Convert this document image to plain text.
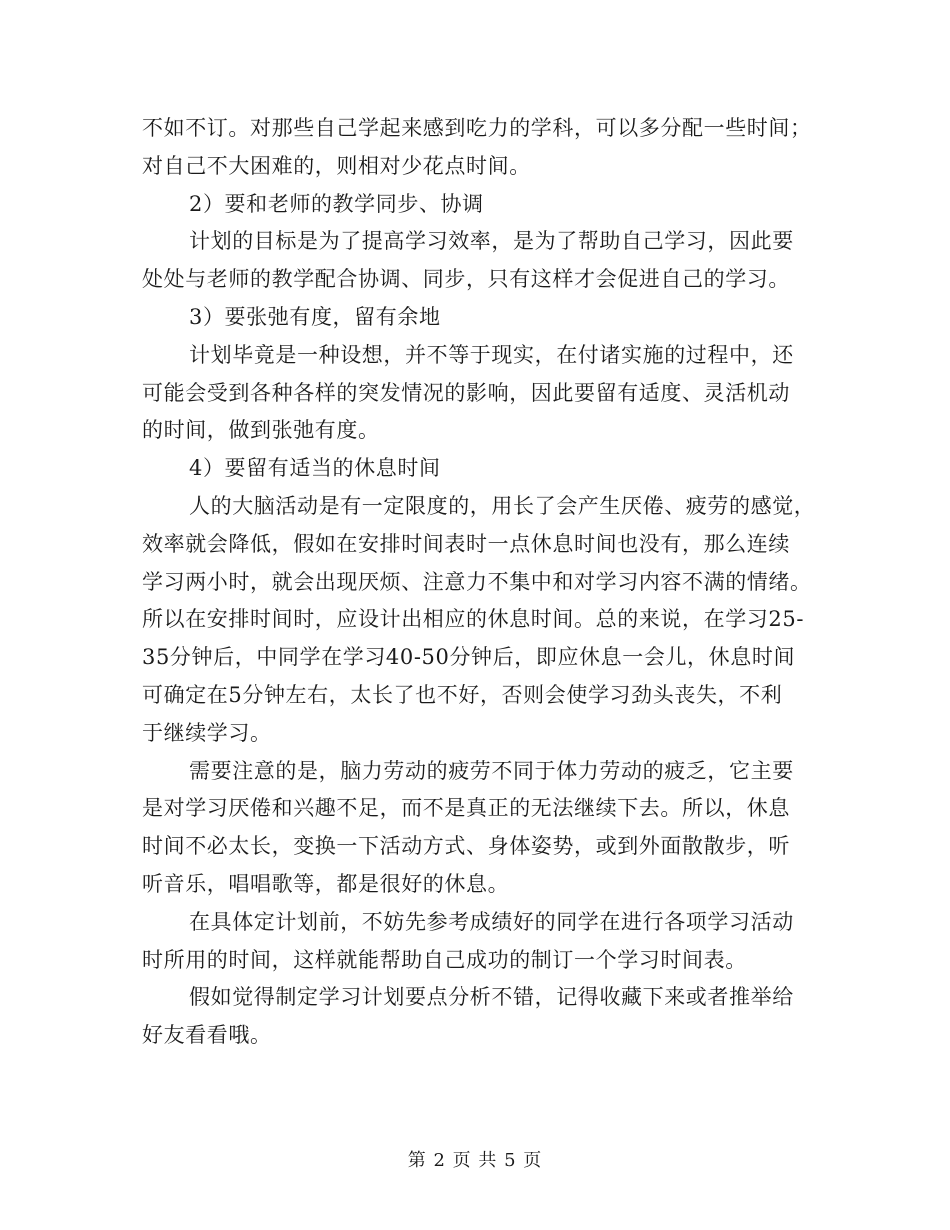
不如不订。对那些自己学起来感到吃力的学科，可以多分配一些时间；
对自己不大困难的，则相对少花点时间。
2）要和老师的教学同步、协调
计划的目标是为了提高学习效率，是为了帮助自己学习，因此要
处处与老师的教学配合协调、同步，只有这样才会促进自己的学习。
3）要张弛有度，留有余地
计划毕竟是一种设想，并不等于现实，在付诸实施的过程中，还
可能会受到各种各样的突发情况的影响，因此要留有适度、灵活机动
的时间，做到张弛有度。
4）要留有适当的休息时间
人的大脑活动是有一定限度的，用长了会产生厌倦、疲劳的感觉，
效率就会降低，假如在安排时间表时一点休息时间也没有，那么连续
学习两小时，就会出现厌烦、注意力不集中和对学习内容不满的情绪。
所以在安排时间时，应设计出相应的休息时间。总的来说，在学习25-
35分钟后，中同学在学习40-50分钟后，即应休息一会儿，休息时间
可确定在5分钟左右，太长了也不好，否则会使学习劲头丧失，不利
于继续学习。
需要注意的是，脑力劳动的疲劳不同于体力劳动的疲乏，它主要
是对学习厌倦和兴趣不足，而不是真正的无法继续下去。所以，休息
时间不必太长，变换一下活动方式、身体姿势，或到外面散散步，听
听音乐，唱唱歌等，都是很好的休息。
在具体定计划前，不妨先参考成绩好的同学在进行各项学习活动
时所用的时间，这样就能帮助自己成功的制订一个学习时间表。
假如觉得制定学习计划要点分析不错，记得收藏下来或者推举给
好友看看哦。
第 2 页 共 5 页
